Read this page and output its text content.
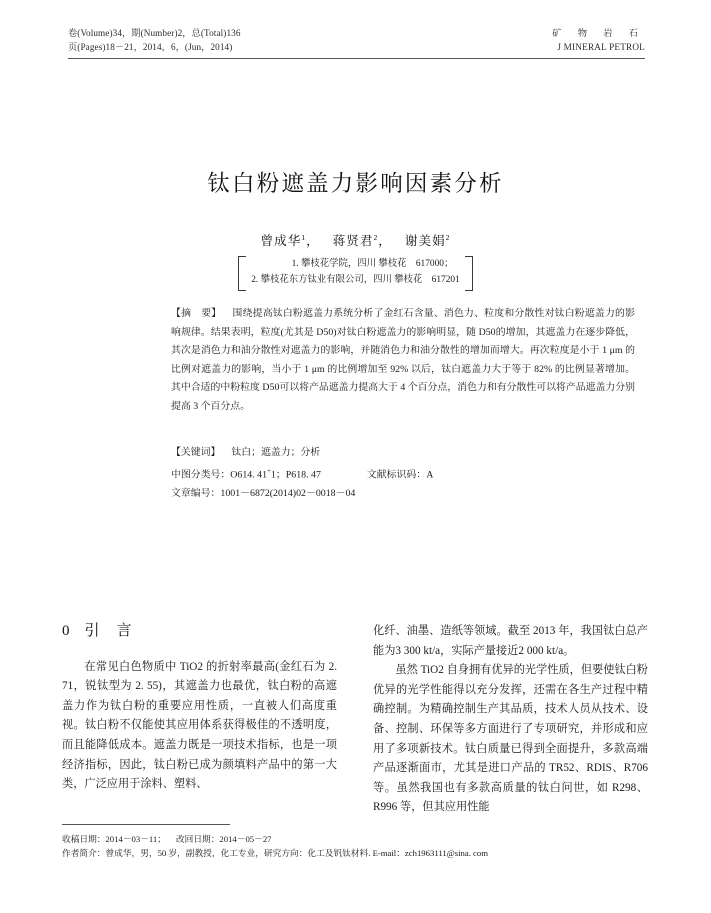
卷(Volume)34，期(Number)2，总(Total)136
页(Pages)18－21，2014，6，(Jun，2014)
矿 物 岩 石
J MINERAL PETROL
钛白粉遮盖力影响因素分析
曾成华$^1$， 蒋贤君$^2$， 谢美娟$^2$
1. 攀枝花学院，四川 攀枝花　617000；
2. 攀枝花东方钛业有限公司，四川 攀枝花　617201

【摘　要】 围绕提高钛白粉遮盖力系统分析了金红石含量、消色力、粒度和分散性对钛白粉遮盖力的影响规律。结果表明，粒度(尤其是 D50)对钛白粉遮盖力的影响明显，随 D50的增加，其遮盖力在逐步降低，其次是消色力和油分散性对遮盖力的影响，并随消色力和油分散性的增加而增大。再次粒度是小于 1 μm 的比例对遮盖力的影响，当小于 1 μm 的比例增加至 92% 以后，钛白遮盖力大于等于 82% 的比例显著增加。其中合适的中粉粒度 D50可以将产品遮盖力提高大于 4 个百分点，消色力和有分散性可以将产品遮盖力分别提高 3 个百分点。

【关键词】 钛白；遮盖力；分析
中图分类号：O614. 41+1；P618. 47	文献标识码：A
文章编号：1001－6872(2014)02－0018－04
0 引　言

在常见白色物质中 TiO2 的折射率最高(金红石为 2. 71，锐钛型为 2. 55)，其遮盖力也最优，钛白粉的高遮盖力作为钛白粉的重要应用性质，一直被人们高度重视。钛白粉不仅能使其应用体系获得极佳的不透明度，而且能降低成本。遮盖力既是一项技术指标，也是一项经济指标，因此，钛白粉已成为颜填料产品中的第一大类，广泛应用于涂料、塑料、

化纤、油墨、造纸等领域。截至 2013 年，我国钛白总产能为3 300 kt/a，实际产量接近2 000 kt/a。

虽然 TiO2 自身拥有优异的光学性质，但要使钛白粉优异的光学性能得以充分发挥，还需在各生产过程中精确控制。为精确控制生产其品质，技术人员从技术、设备、控制、环保等多方面进行了专项研究，并形成和应用了多项新技术。钛白质量已得到全面提升，多款高端产品逐渐面市，尤其是进口产品的 TR52、RDIS、R706 等。虽然我国也有多款高质量的钛白问世，如 R298、R996 等，但其应用性能

收稿日期：2014－03－11； 改回日期：2014－05－27
作者简介：曾成华，男，50 岁，副教授，化工专业，研究方向：化工及钒钛材料. E-mail：zch1963111@sina. com
